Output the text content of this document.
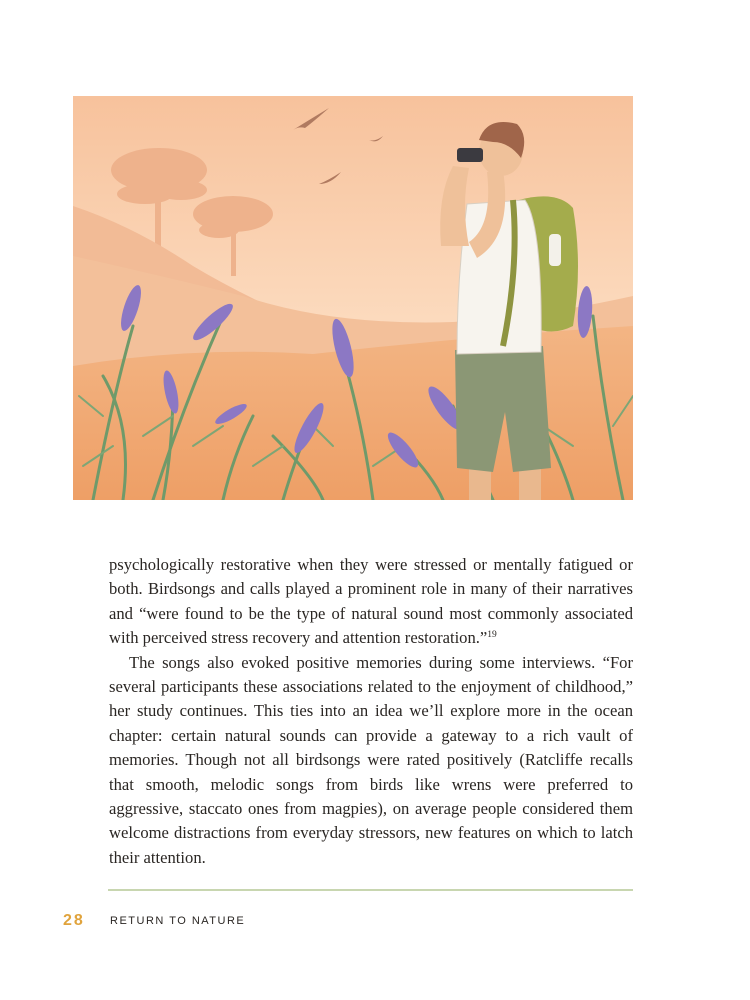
psychologically restorative when they were stressed or mentally fatigued or both. Birdsongs and calls played a prominent role in many of their narratives and “were found to be the type of natural sound most commonly associated with perceived stress recovery and attention restoration.”$^{19}$

The songs also evoked positive memories during some interviews. “For several participants these associations related to the enjoyment of childhood,” her study continues. This ties into an idea we’ll explore more in the ocean chapter: certain natural sounds can provide a gateway to a rich vault of memories. Though not all birdsongs were rated positively (Ratcliffe recalls that smooth, melodic songs from birds like wrens were preferred to aggressive, staccato ones from magpies), on average people considered them welcome distractions from everyday stressors, new features on which to latch their attention.

28 RETURN TO NATURE
